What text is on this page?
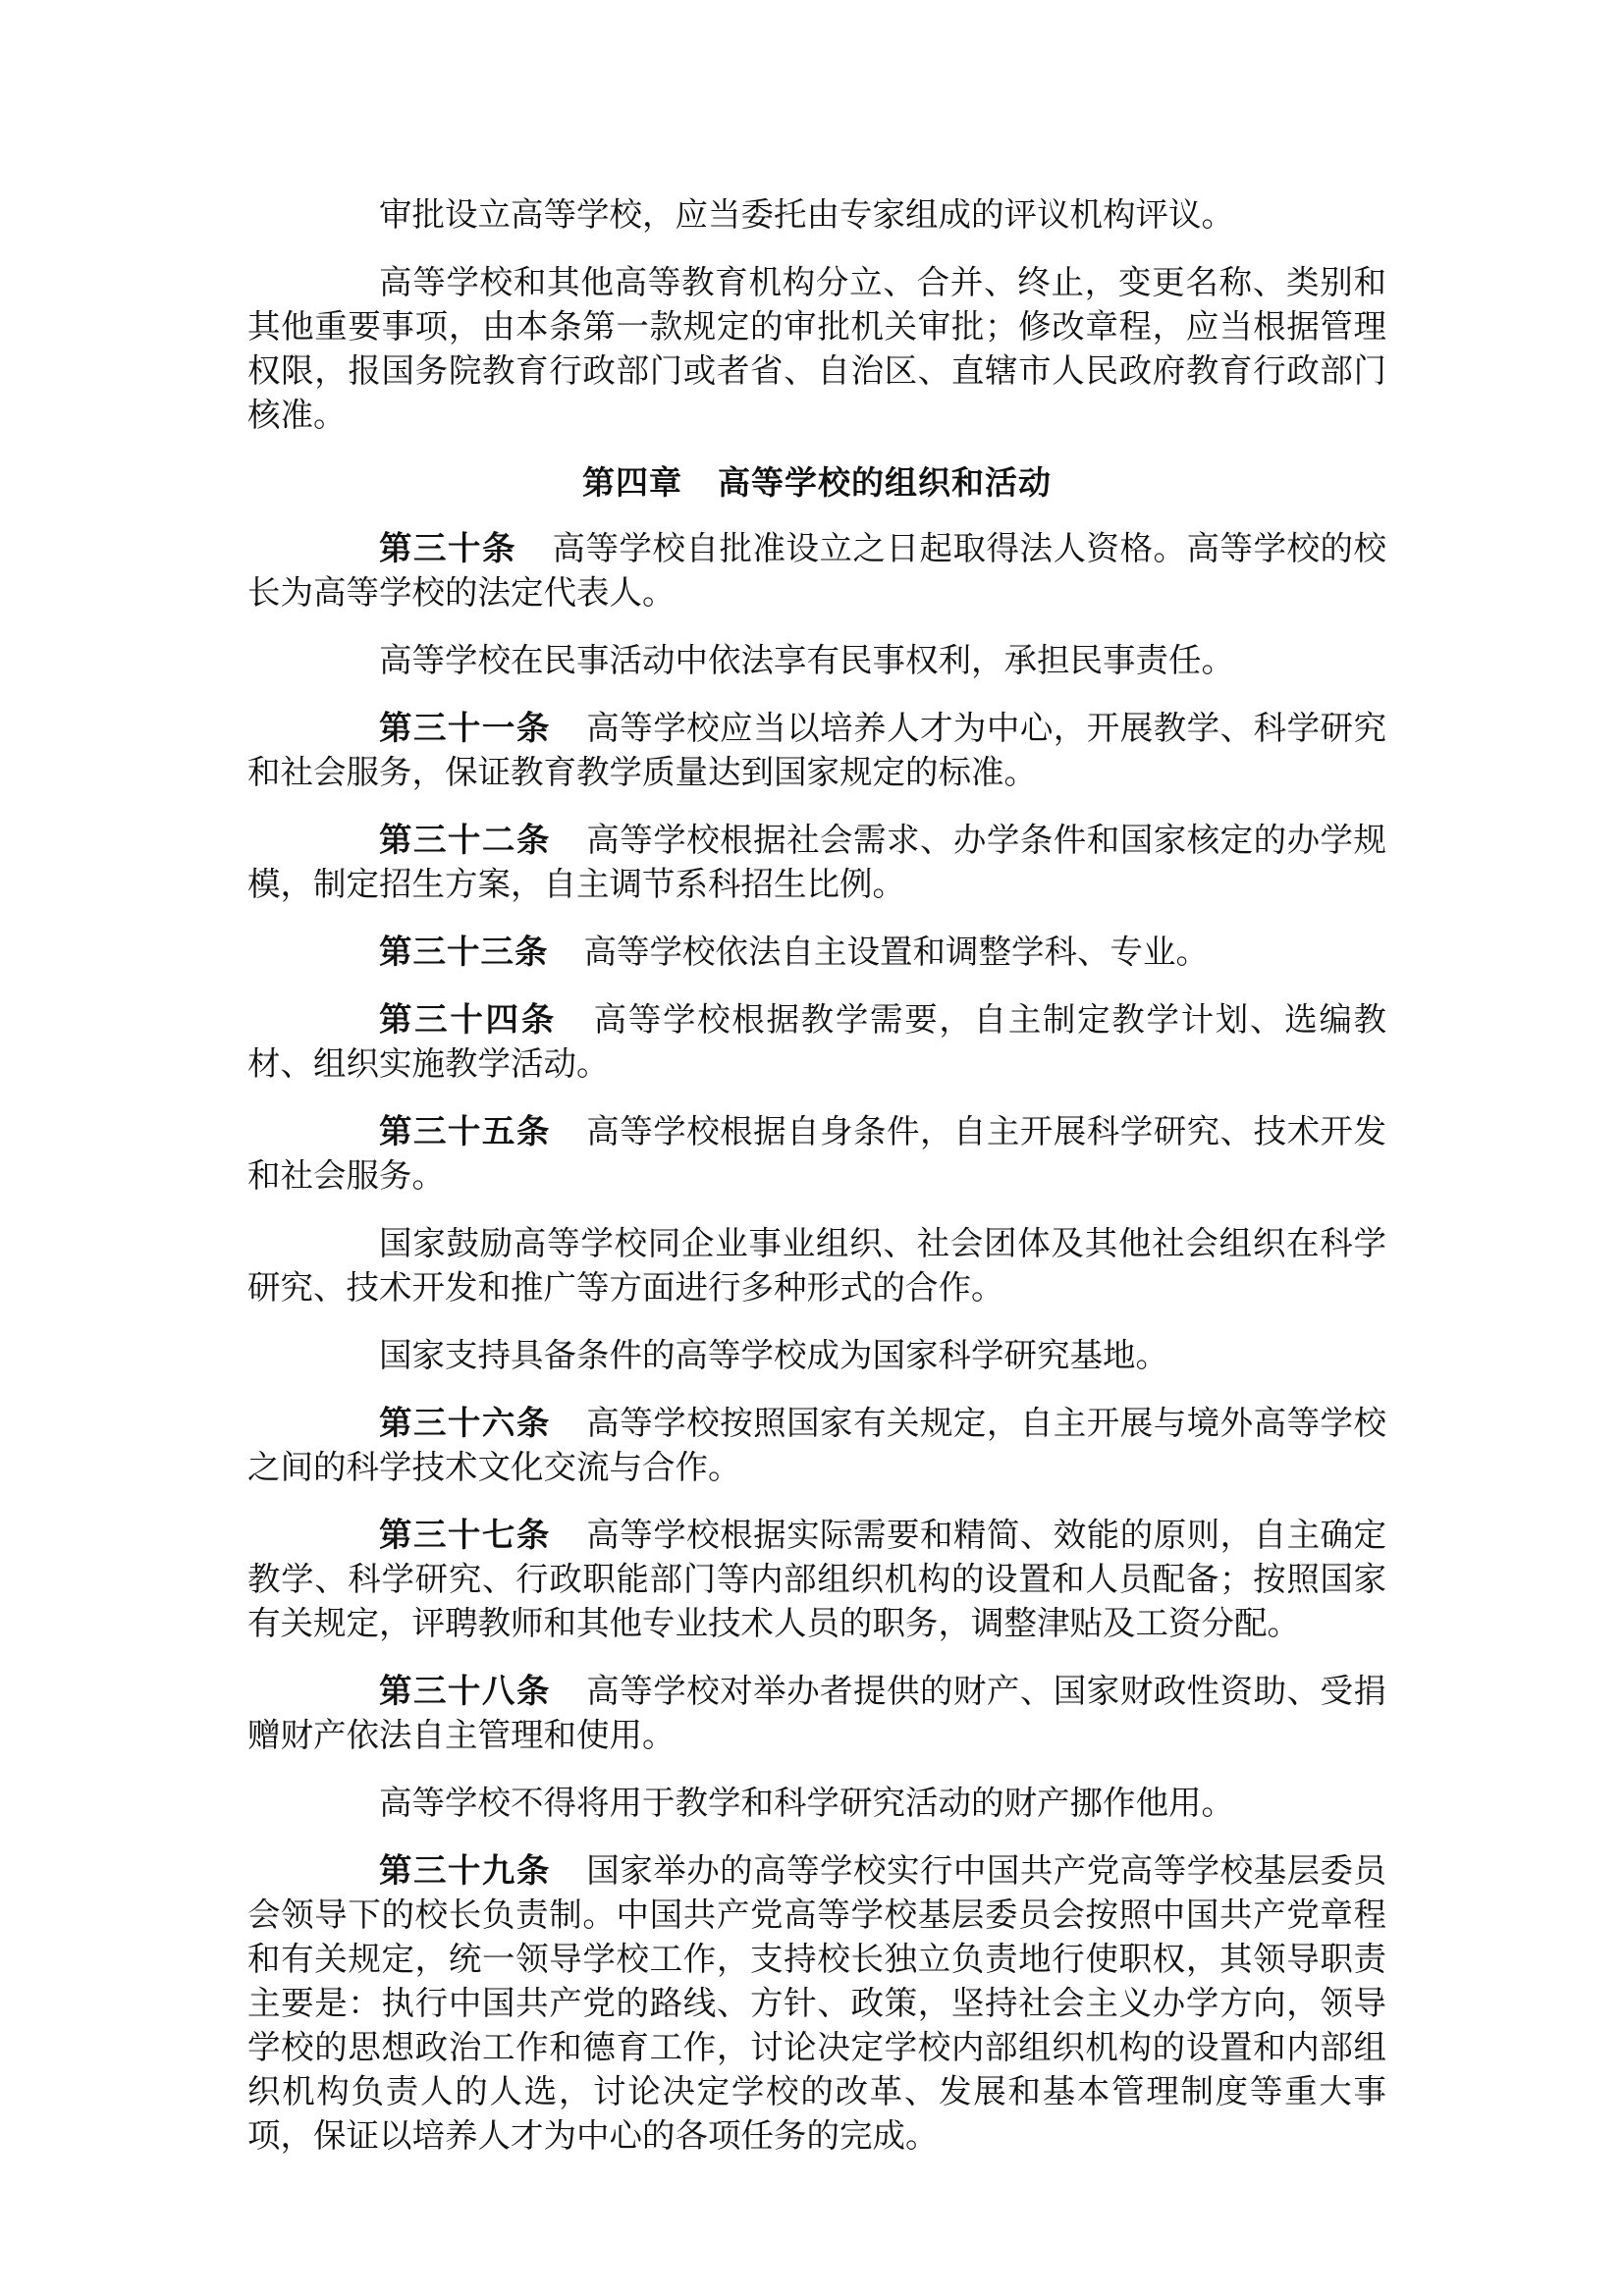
审批设立高等学校，应当委托由专家组成的评议机构评议。

高等学校和其他高等教育机构分立、合并、终止，变更名称、类别和其他重要事项，由本条第一款规定的审批机关审批；修改章程，应当根据管理权限，报国务院教育行政部门或者省、自治区、直辖市人民政府教育行政部门核准。

第四章 高等学校的组织和活动

第三十条 高等学校自批准设立之日起取得法人资格。高等学校的校长为高等学校的法定代表人。

高等学校在民事活动中依法享有民事权利，承担民事责任。

第三十一条 高等学校应当以培养人才为中心，开展教学、科学研究和社会服务，保证教育教学质量达到国家规定的标准。

第三十二条 高等学校根据社会需求、办学条件和国家核定的办学规模，制定招生方案，自主调节系科招生比例。

第三十三条 高等学校依法自主设置和调整学科、专业。

第三十四条 高等学校根据教学需要，自主制定教学计划、选编教材、组织实施教学活动。

第三十五条 高等学校根据自身条件，自主开展科学研究、技术开发和社会服务。

国家鼓励高等学校同企业事业组织、社会团体及其他社会组织在科学研究、技术开发和推广等方面进行多种形式的合作。

国家支持具备条件的高等学校成为国家科学研究基地。

第三十六条 高等学校按照国家有关规定，自主开展与境外高等学校之间的科学技术文化交流与合作。

第三十七条 高等学校根据实际需要和精简、效能的原则，自主确定教学、科学研究、行政职能部门等内部组织机构的设置和人员配备；按照国家有关规定，评聘教师和其他专业技术人员的职务，调整津贴及工资分配。

第三十八条 高等学校对举办者提供的财产、国家财政性资助、受捐赠财产依法自主管理和使用。

高等学校不得将用于教学和科学研究活动的财产挪作他用。

第三十九条 国家举办的高等学校实行中国共产党高等学校基层委员会领导下的校长负责制。中国共产党高等学校基层委员会按照中国共产党章程和有关规定，统一领导学校工作，支持校长独立负责地行使职权，其领导职责主要是：执行中国共产党的路线、方针、政策，坚持社会主义办学方向，领导学校的思想政治工作和德育工作，讨论决定学校内部组织机构的设置和内部组织机构负责人的人选，讨论决定学校的改革、发展和基本管理制度等重大事项，保证以培养人才为中心的各项任务的完成。
